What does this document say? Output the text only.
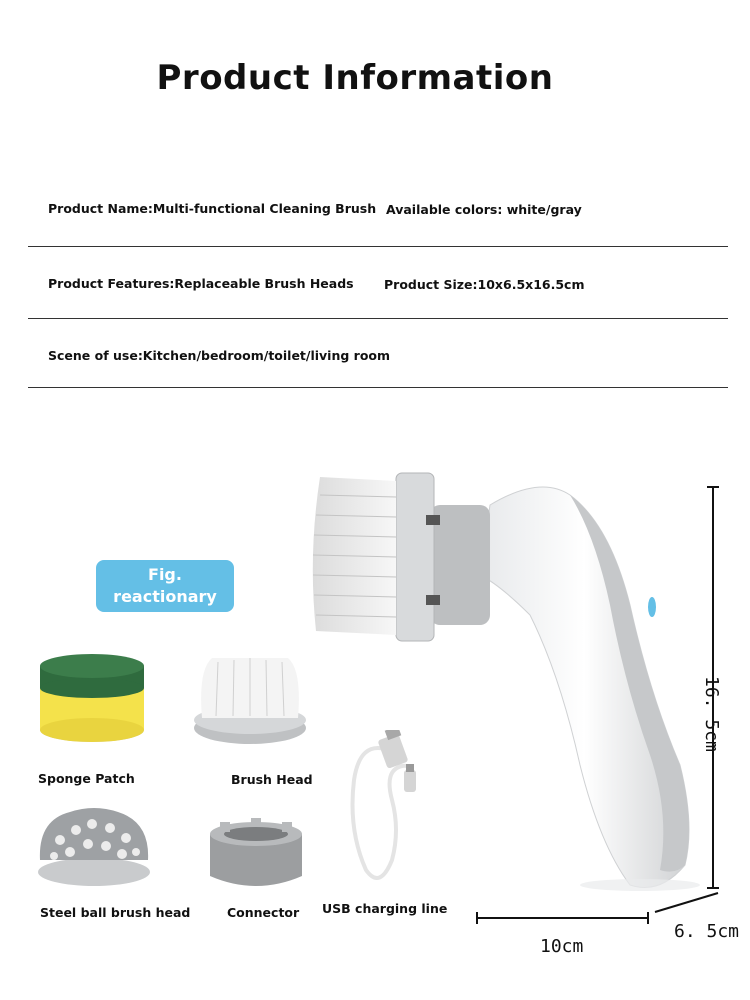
Product Information
Product Name:Multi-functional Cleaning Brush Available colors: white/gray
Product Features:Replaceable Brush Heads Product Size:10x6.5x16.5cm
Scene of use:Kitchen/bedroom/toilet/living room
Fig.
reactionary
16. 5cm
10cm
6. 5cm
Sponge Patch	Brush Head
Steel ball brush head	Connector USB charging line
